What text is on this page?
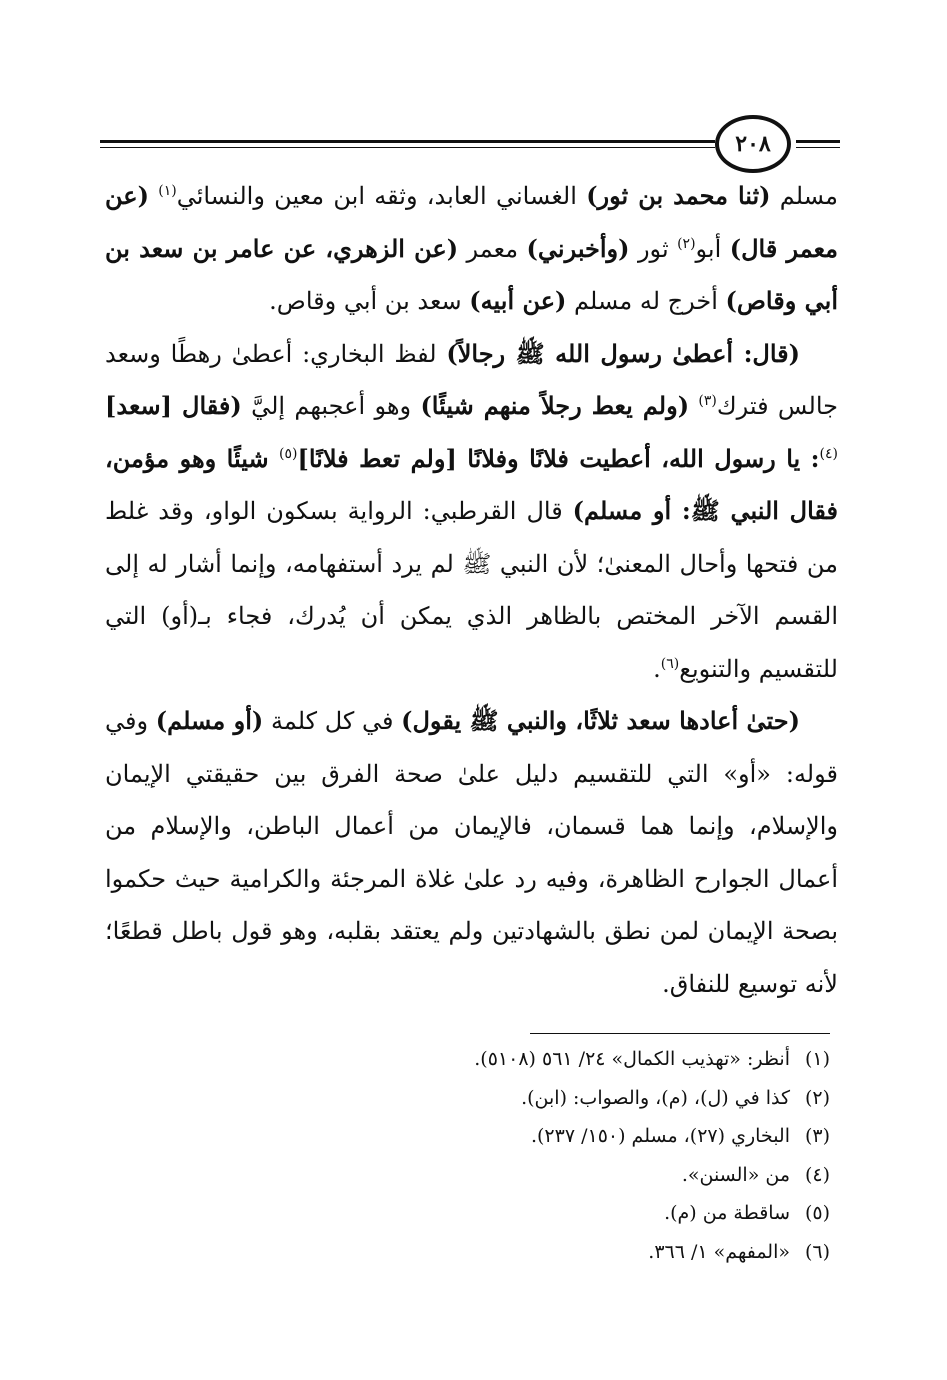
٢٠٨

مسلم (ثنا محمد بن ثور) الغساني العابد، وثقه ابن معين والنسائي$^{(١)}$ (عن معمر قال) أبو$^{(٢)}$ ثور (وأخبرني) معمر (عن الزهري، عن عامر بن سعد بن أبي وقاص) أخرج له مسلم (عن أبيه) سعد بن أبي وقاص.

(قال: أعطىٰ رسول الله ﷺ رجالاً) لفظ البخاري: أعطىٰ رهطًا وسعد جالس فترك$^{(٣)}$ (ولم يعط رجلاً منهم شيئًا) وهو أعجبهم إليَّ (فقال [سعد]$^{(٤)}$: يا رسول الله، أعطيت فلانًا وفلانًا [ولم تعط فلانًا]$^{(٥)}$ شيئًا وهو مؤمن، فقال النبي ﷺ: أو مسلم) قال القرطبي: الرواية بسكون الواو، وقد غلط من فتحها وأحال المعنىٰ؛ لأن النبي ﷺ لم يرد أستفهامه، وإنما أشار له إلى القسم الآخر المختص بالظاهر الذي يمكن أن يُدرك، فجاء بـ(أو) التي للتقسيم والتنويع$^{(٦)}$.

(حتىٰ أعادها سعد ثلاثًا، والنبي ﷺ يقول) في كل كلمة (أو مسلم) وفي قوله: «أو» التي للتقسيم دليل علىٰ صحة الفرق بين حقيقتي الإيمان والإسلام، وإنما هما قسمان، فالإيمان من أعمال الباطن، والإسلام من أعمال الجوارح الظاهرة، وفيه رد علىٰ غلاة المرجئة والكرامية حيث حكموا بصحة الإيمان لمن نطق بالشهادتين ولم يعتقد بقلبه، وهو قول باطل قطعًا؛ لأنه توسيع للنفاق.

(١)أنظر: «تهذيب الكمال» ٢٤/ ٥٦١ (٥١٠٨).
(٢)كذا في (ل)، (م)، والصواب: (ابن).
(٣)البخاري (٢٧)، مسلم (١٥٠/ ٢٣٧).
(٤)من «السنن».
(٥)ساقطة من (م).
(٦)«المفهم» ١/ ٣٦٦.
